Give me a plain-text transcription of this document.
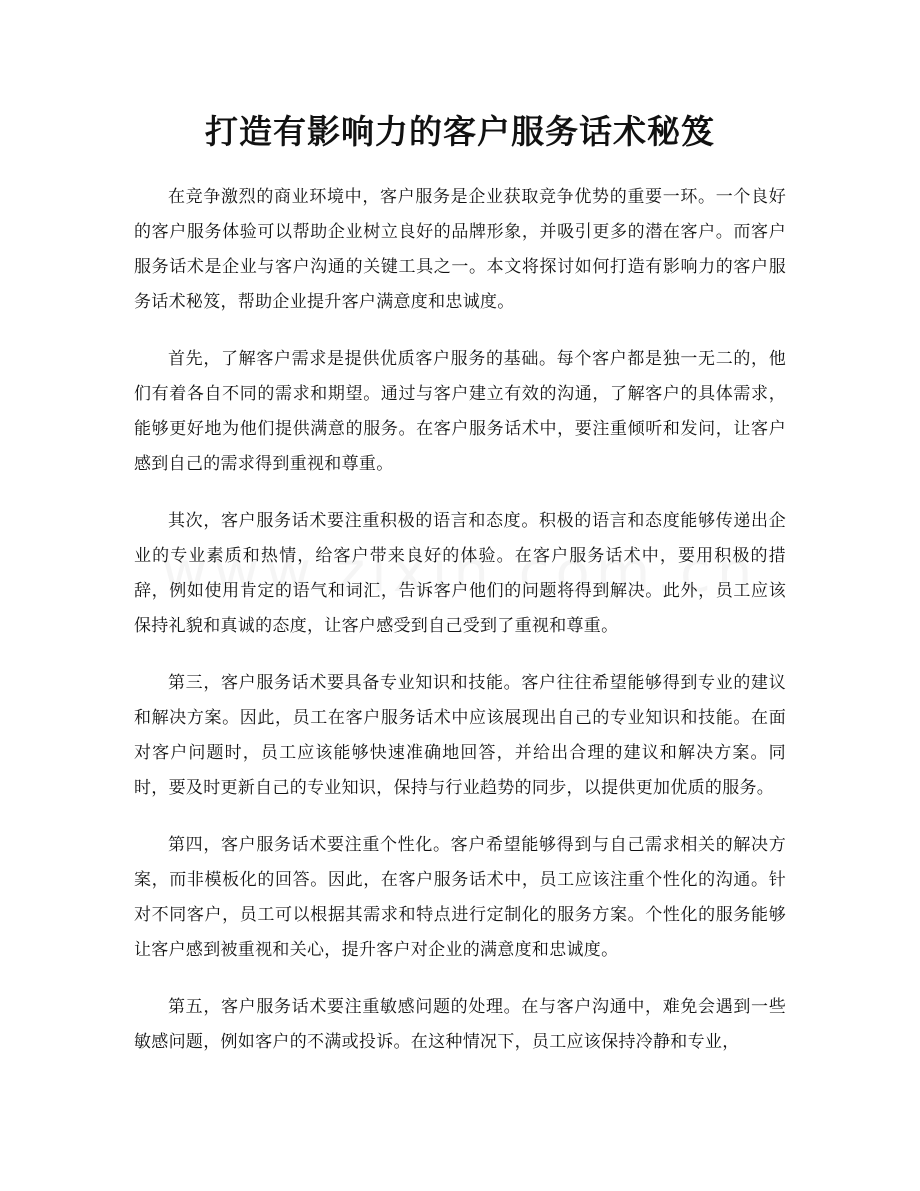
打造有影响力的客户服务话术秘笈

在竞争激烈的商业环境中，客户服务是企业获取竞争优势的重要一环。一个良好的客户服务体验可以帮助企业树立良好的品牌形象，并吸引更多的潜在客户。而客户服务话术是企业与客户沟通的关键工具之一。本文将探讨如何打造有影响力的客户服务话术秘笈，帮助企业提升客户满意度和忠诚度。

首先，了解客户需求是提供优质客户服务的基础。每个客户都是独一无二的，他们有着各自不同的需求和期望。通过与客户建立有效的沟通，了解客户的具体需求，能够更好地为他们提供满意的服务。在客户服务话术中，要注重倾听和发问，让客户感到自己的需求得到重视和尊重。

其次，客户服务话术要注重积极的语言和态度。积极的语言和态度能够传递出企业的专业素质和热情，给客户带来良好的体验。在客户服务话术中，要用积极的措辞，例如使用肯定的语气和词汇，告诉客户他们的问题将得到解决。此外，员工应该保持礼貌和真诚的态度，让客户感受到自己受到了重视和尊重。

第三，客户服务话术要具备专业知识和技能。客户往往希望能够得到专业的建议和解决方案。因此，员工在客户服务话术中应该展现出自己的专业知识和技能。在面对客户问题时，员工应该能够快速准确地回答，并给出合理的建议和解决方案。同时，要及时更新自己的专业知识，保持与行业趋势的同步，以提供更加优质的服务。

第四，客户服务话术要注重个性化。客户希望能够得到与自己需求相关的解决方案，而非模板化的回答。因此，在客户服务话术中，员工应该注重个性化的沟通。针对不同客户，员工可以根据其需求和特点进行定制化的服务方案。个性化的服务能够让客户感到被重视和关心，提升客户对企业的满意度和忠诚度。

第五，客户服务话术要注重敏感问题的处理。在与客户沟通中，难免会遇到一些敏感问题，例如客户的不满或投诉。在这种情况下，员工应该保持冷静和专业，
